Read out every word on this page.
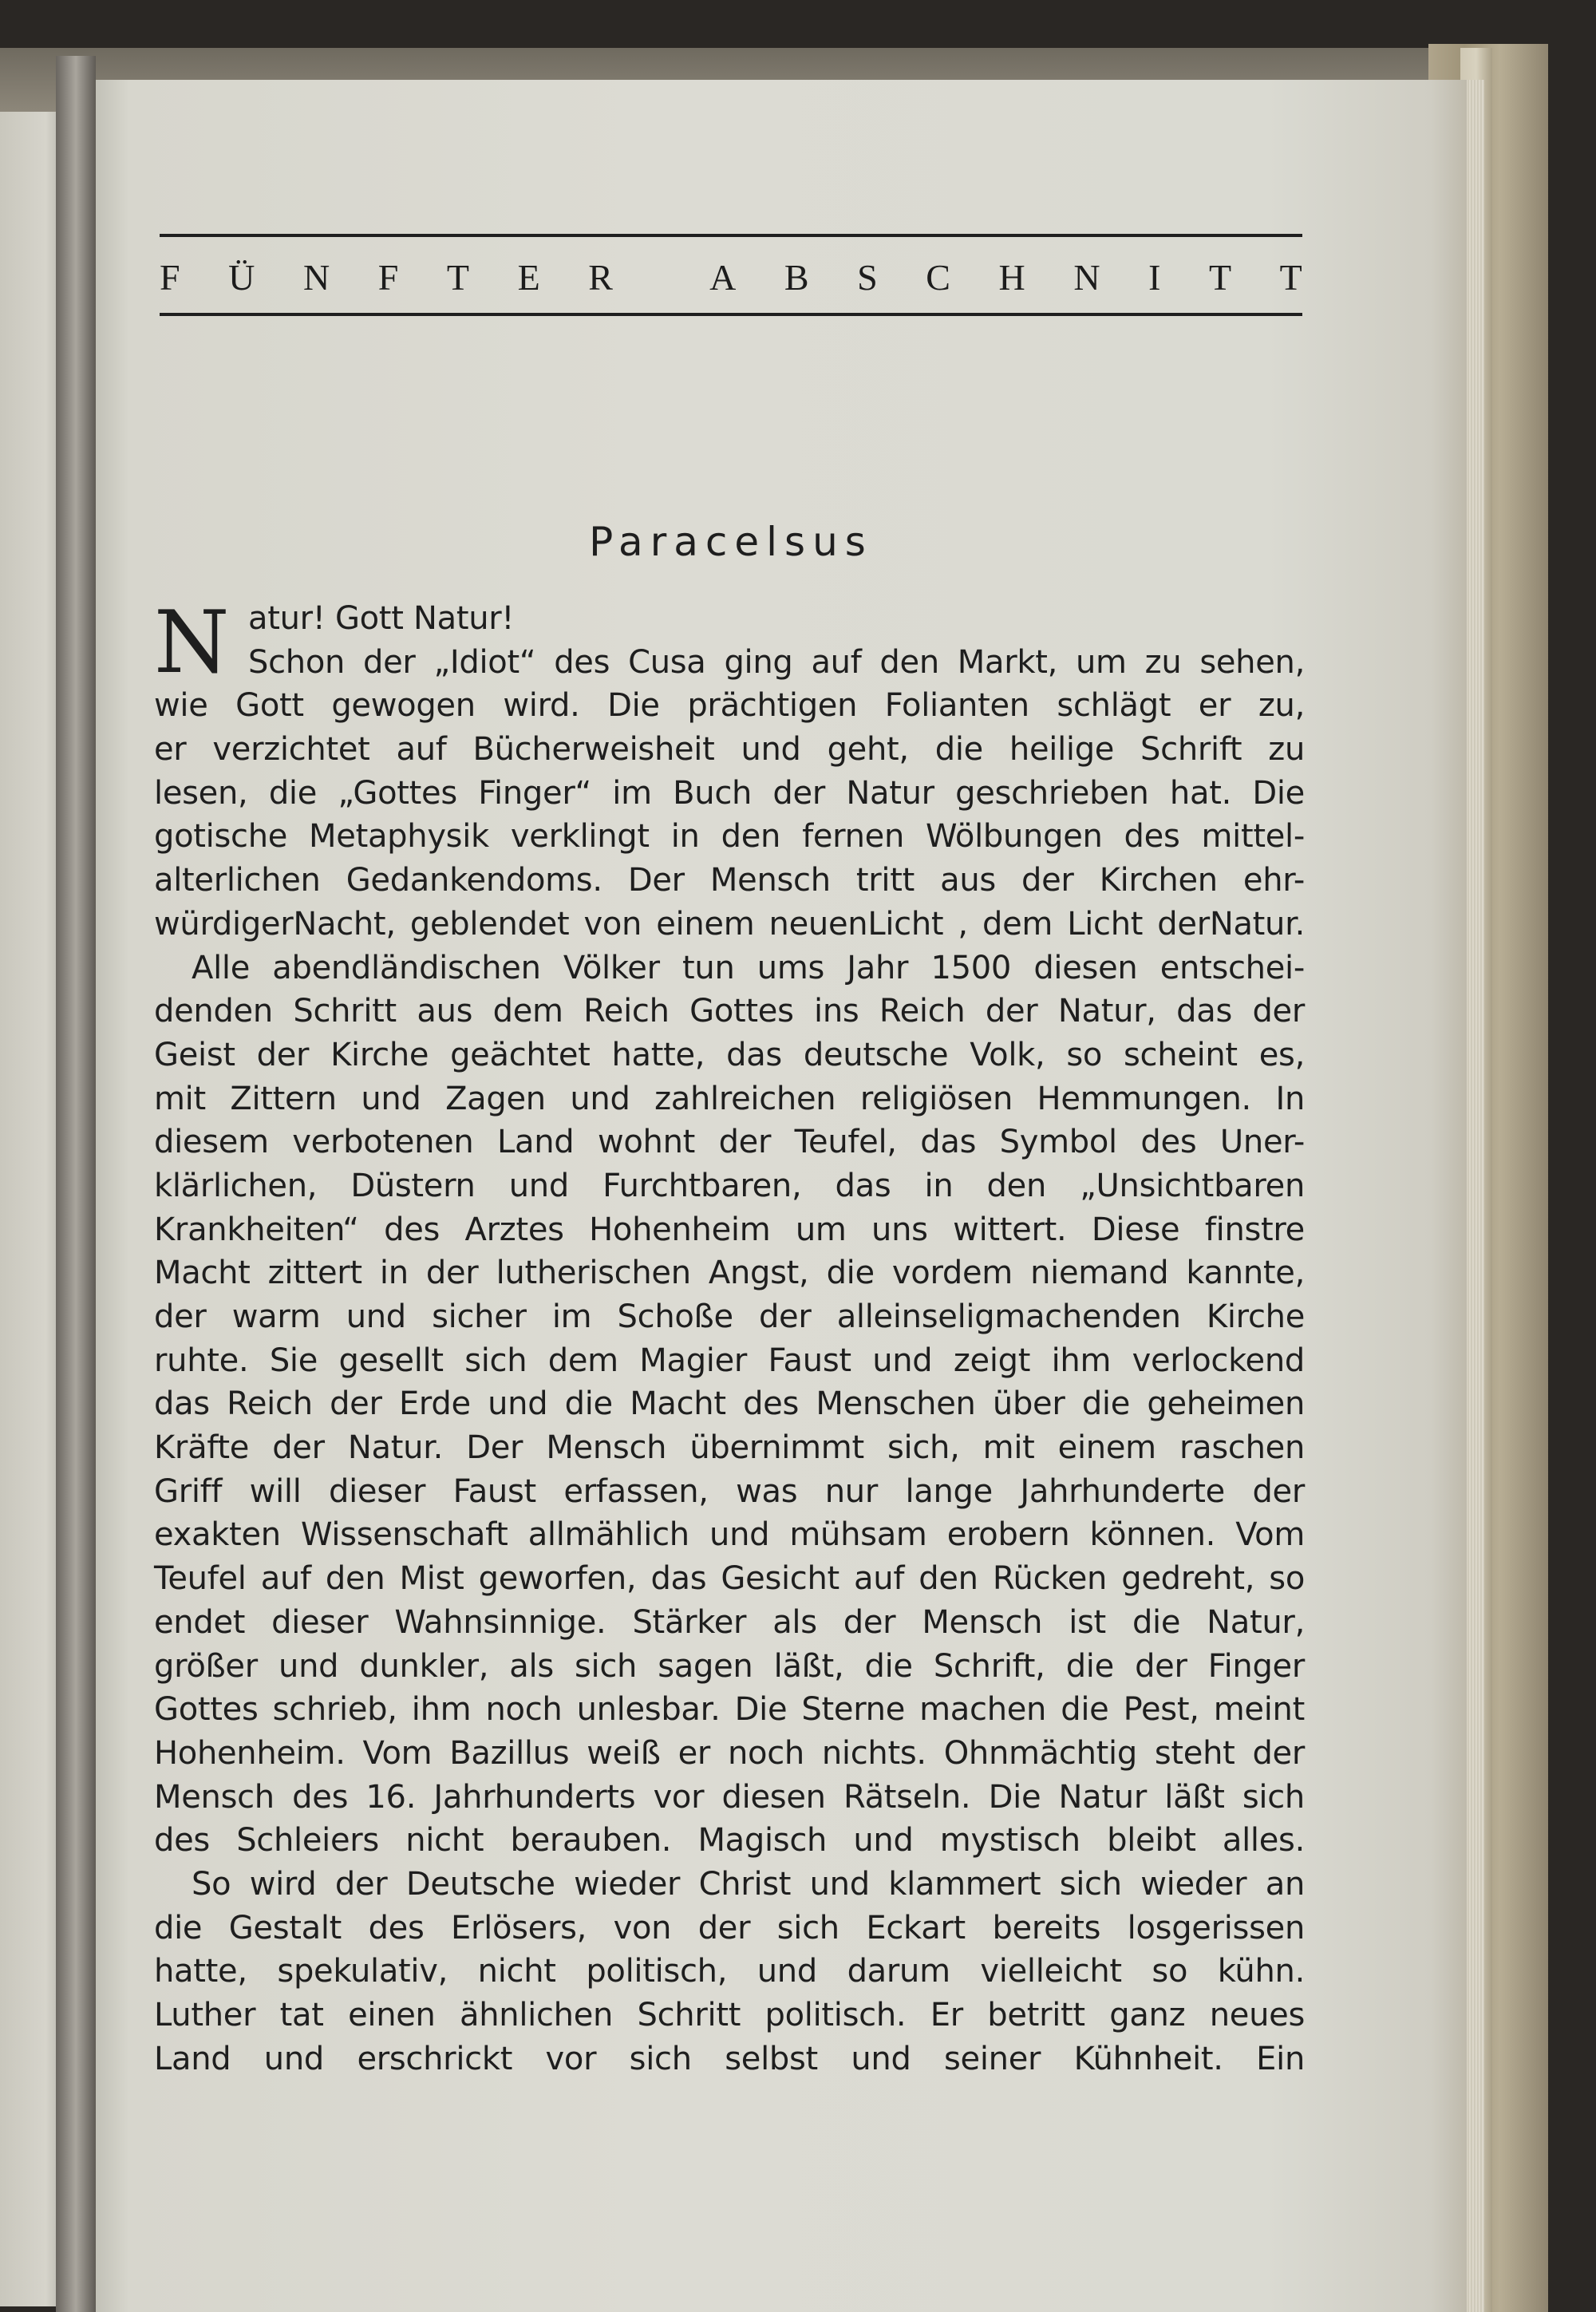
F Ü N F T E R	A B S C H N I T T
Paracelsus
N atur! Gott Natur!
Schon der „Idiot“ des Cusa ging auf den Markt, um zu sehen,
wie Gott gewogen wird. Die prächtigen Folianten schlägt er zu,
er verzichtet auf Bücherweisheit und geht, die heilige Schrift zu
lesen, die „Gottes Finger“ im Buch der Natur geschrieben hat. Die
gotische Metaphysik verklingt in den fernen Wölbungen des mittel-
alterlichen Gedankendoms. Der Mensch tritt aus der Kirchen ehr-
würdigerNacht, geblendet von einem neuenLicht , dem Licht derNatur.
Alle abendländischen Völker tun ums Jahr 1500 diesen entschei-
denden Schritt aus dem Reich Gottes ins Reich der Natur, das der
Geist der Kirche geächtet hatte, das deutsche Volk, so scheint es,
mit Zittern und Zagen und zahlreichen religiösen Hemmungen. In
diesem verbotenen Land wohnt der Teufel, das Symbol des Uner-
klärlichen, Düstern und Furchtbaren, das in den „Unsichtbaren
Krankheiten“ des Arztes Hohenheim um uns wittert. Diese finstre
Macht zittert in der lutherischen Angst, die vordem niemand kannte,
der warm und sicher im Schoße der alleinseligmachenden Kirche
ruhte. Sie gesellt sich dem Magier Faust und zeigt ihm verlockend
das Reich der Erde und die Macht des Menschen über die geheimen
Kräfte der Natur. Der Mensch übernimmt sich, mit einem raschen
Griff will dieser Faust erfassen, was nur lange Jahrhunderte der
exakten Wissenschaft allmählich und mühsam erobern können. Vom
Teufel auf den Mist geworfen, das Gesicht auf den Rücken gedreht, so
endet dieser Wahnsinnige. Stärker als der Mensch ist die Natur,
größer und dunkler, als sich sagen läßt, die Schrift, die der Finger
Gottes schrieb, ihm noch unlesbar. Die Sterne machen die Pest, meint
Hohenheim. Vom Bazillus weiß er noch nichts. Ohnmächtig steht der
Mensch des 16. Jahrhunderts vor diesen Rätseln. Die Natur läßt sich
des Schleiers nicht berauben. Magisch und mystisch bleibt alles.
So wird der Deutsche wieder Christ und klammert sich wieder an
die Gestalt des Erlösers, von der sich Eckart bereits losgerissen
hatte, spekulativ, nicht politisch, und darum vielleicht so kühn.
Luther tat einen ähnlichen Schritt politisch. Er betritt ganz neues
Land und erschrickt vor sich selbst und seiner Kühnheit. Ein
